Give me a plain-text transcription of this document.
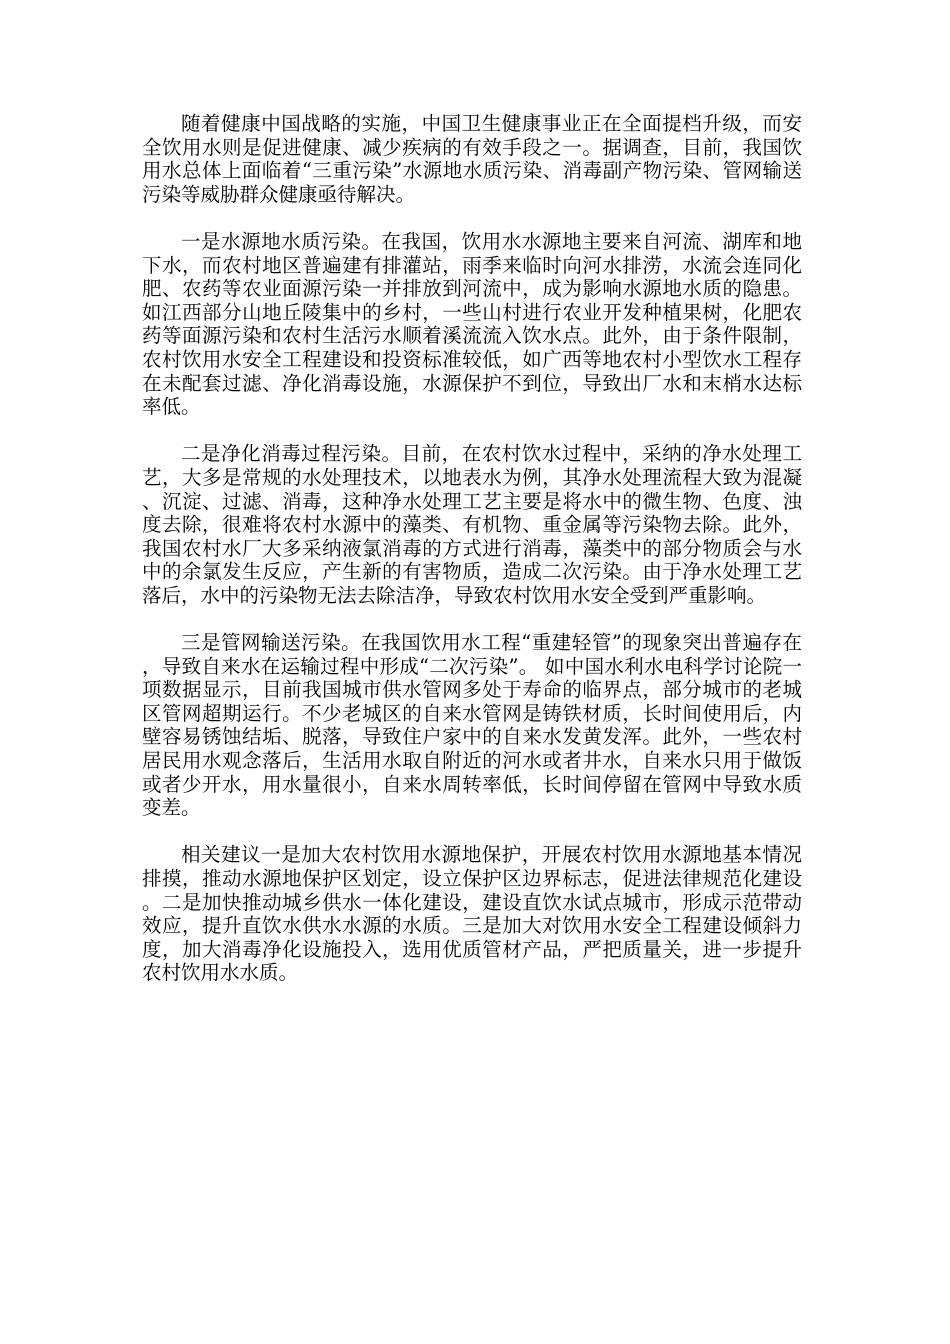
随着健康中国战略的实施，中国卫生健康事业正在全面提档升级，而安全饮用水则是促进健康、减少疾病的有效手段之一。据调查，目前，我国饮用水总体上面临着“三重污染”水源地水质污染、消毒副产物污染、管网输送污染等威胁群众健康亟待解决。

一是水源地水质污染。在我国，饮用水水源地主要来自河流、湖库和地下水，而农村地区普遍建有排灌站，雨季来临时向河水排涝，水流会连同化肥、农药等农业面源污染一并排放到河流中，成为影响水源地水质的隐患。如江西部分山地丘陵集中的乡村，一些山村进行农业开发种植果树，化肥农药等面源污染和农村生活污水顺着溪流流入饮水点。此外，由于条件限制，农村饮用水安全工程建设和投资标准较低，如广西等地农村小型饮水工程存在未配套过滤、净化消毒设施，水源保护不到位，导致出厂水和末梢水达标率低。

二是净化消毒过程污染。目前，在农村饮水过程中，采纳的净水处理工艺，大多是常规的水处理技术，以地表水为例，其净水处理流程大致为混凝、沉淀、过滤、消毒，这种净水处理工艺主要是将水中的微生物、色度、浊度去除，很难将农村水源中的藻类、有机物、重金属等污染物去除。此外，我国农村水厂大多采纳液氯消毒的方式进行消毒，藻类中的部分物质会与水中的余氯发生反应，产生新的有害物质，造成二次污染。由于净水处理工艺落后，水中的污染物无法去除洁净，导致农村饮用水安全受到严重影响。

三是管网输送污染。在我国饮用水工程“重建轻管”的现象突出普遍存在，导致自来水在运输过程中形成“二次污染”。 如中国水利水电科学讨论院一项数据显示，目前我国城市供水管网多处于寿命的临界点，部分城市的老城区管网超期运行。不少老城区的自来水管网是铸铁材质，长时间使用后，内壁容易锈蚀结垢、脱落，导致住户家中的自来水发黄发浑。此外，一些农村居民用水观念落后，生活用水取自附近的河水或者井水，自来水只用于做饭或者少开水，用水量很小，自来水周转率低，长时间停留在管网中导致水质变差。

相关建议一是加大农村饮用水源地保护，开展农村饮用水源地基本情况排摸，推动水源地保护区划定，设立保护区边界标志，促进法律规范化建设。二是加快推动城乡供水一体化建设，建设直饮水试点城市，形成示范带动效应，提升直饮水供水水源的水质。三是加大对饮用水安全工程建设倾斜力度，加大消毒净化设施投入，选用优质管材产品，严把质量关，进一步提升农村饮用水水质。
